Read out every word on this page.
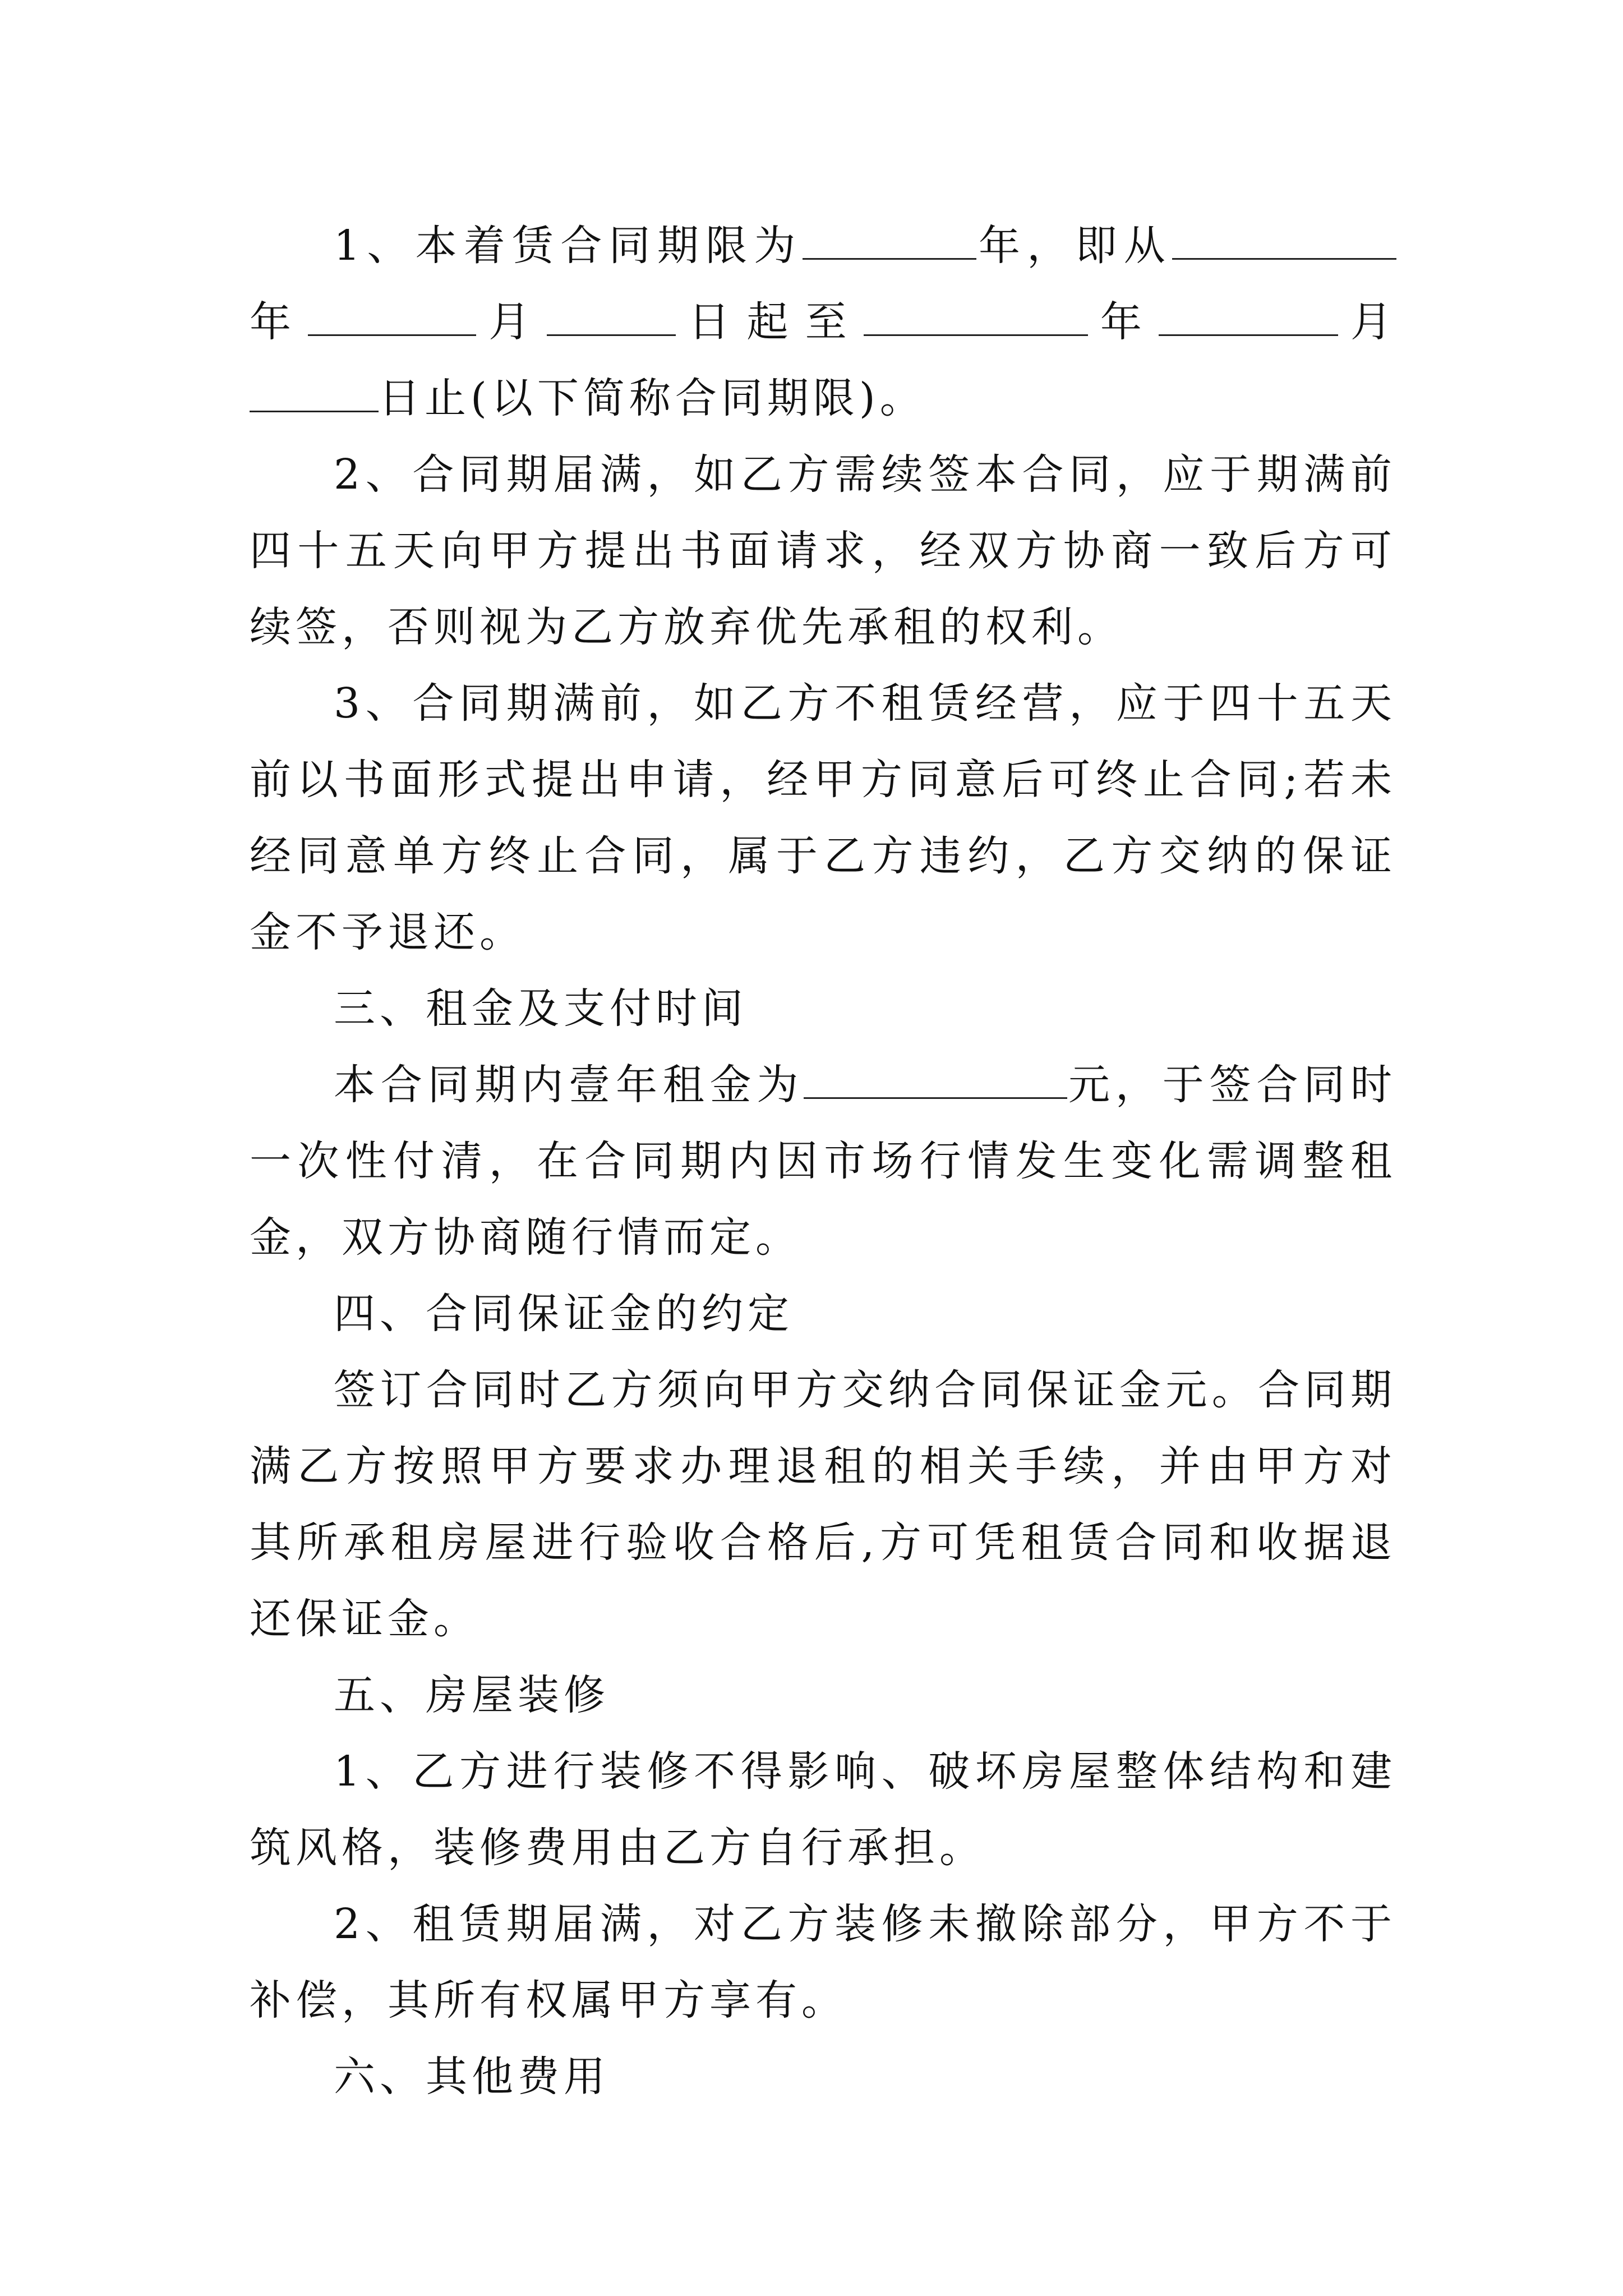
1、本着赁合同期限为	年，即从年	月	日起至	年	月日止(以下简称合同期限)。

2、合同期届满，如乙方需续签本合同，应于期满前四十五天向甲方提出书面请求，经双方协商一致后方可续签，否则视为乙方放弃优先承租的权利。

3、合同期满前，如乙方不租赁经营，应于四十五天前以书面形式提出申请，经甲方同意后可终止合同;若未经同意单方终止合同，属于乙方违约，乙方交纳的保证金不予退还。

三、租金及支付时间

本合同期内壹年租金为	元，于签合同时一次性付清，在合同期内因市场行情发生变化需调整租金，双方协商随行情而定。

四、合同保证金的约定

签订合同时乙方须向甲方交纳合同保证金元。合同期满乙方按照甲方要求办理退租的相关手续，并由甲方对其所承租房屋进行验收合格后,方可凭租赁合同和收据退还保证金。

五、房屋装修

1、乙方进行装修不得影响、破坏房屋整体结构和建筑风格，装修费用由乙方自行承担。

2、租赁期届满，对乙方装修未撤除部分，甲方不于补偿，其所有权属甲方享有。

六、其他费用
